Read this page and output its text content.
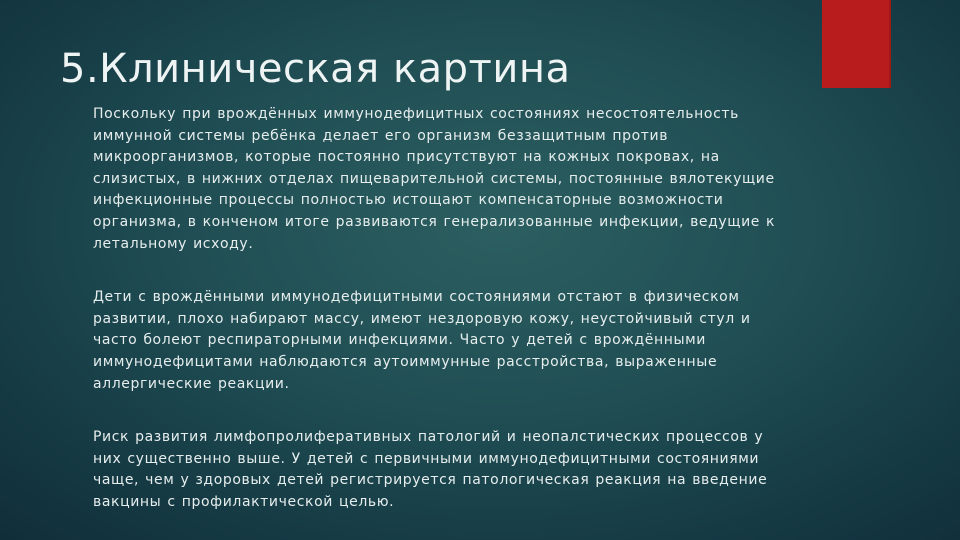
5.Клиническая картина

Поскольку при врождённых иммунодефицитных состояниях несостоятельность иммунной системы ребёнка делает его организм беззащитным против микроорганизмов, которые постоянно присутствуют на кожных покровах, на слизистых, в нижних отделах пищеварительной системы, постоянные вялотекущие инфекционные процессы полностью истощают компенсаторные возможности организма, в конченом итоге развиваются генерализованные инфекции, ведущие к летальному исходу.

Дети с врождёнными иммунодефицитными состояниями отстают в физическом развитии, плохо набирают массу, имеют нездоровую кожу, неустойчивый стул и часто болеют респираторными инфекциями. Часто у детей с врождёнными иммунодефицитами наблюдаются аутоиммунные расстройства, выраженные аллергические реакции.

Риск развития лимфопролиферативных патологий и неопалстических процессов у них существенно выше. У детей с первичными иммунодефицитными состояниями чаще, чем у здоровых детей регистрируется патологическая реакция на введение вакцины с профилактической целью.
